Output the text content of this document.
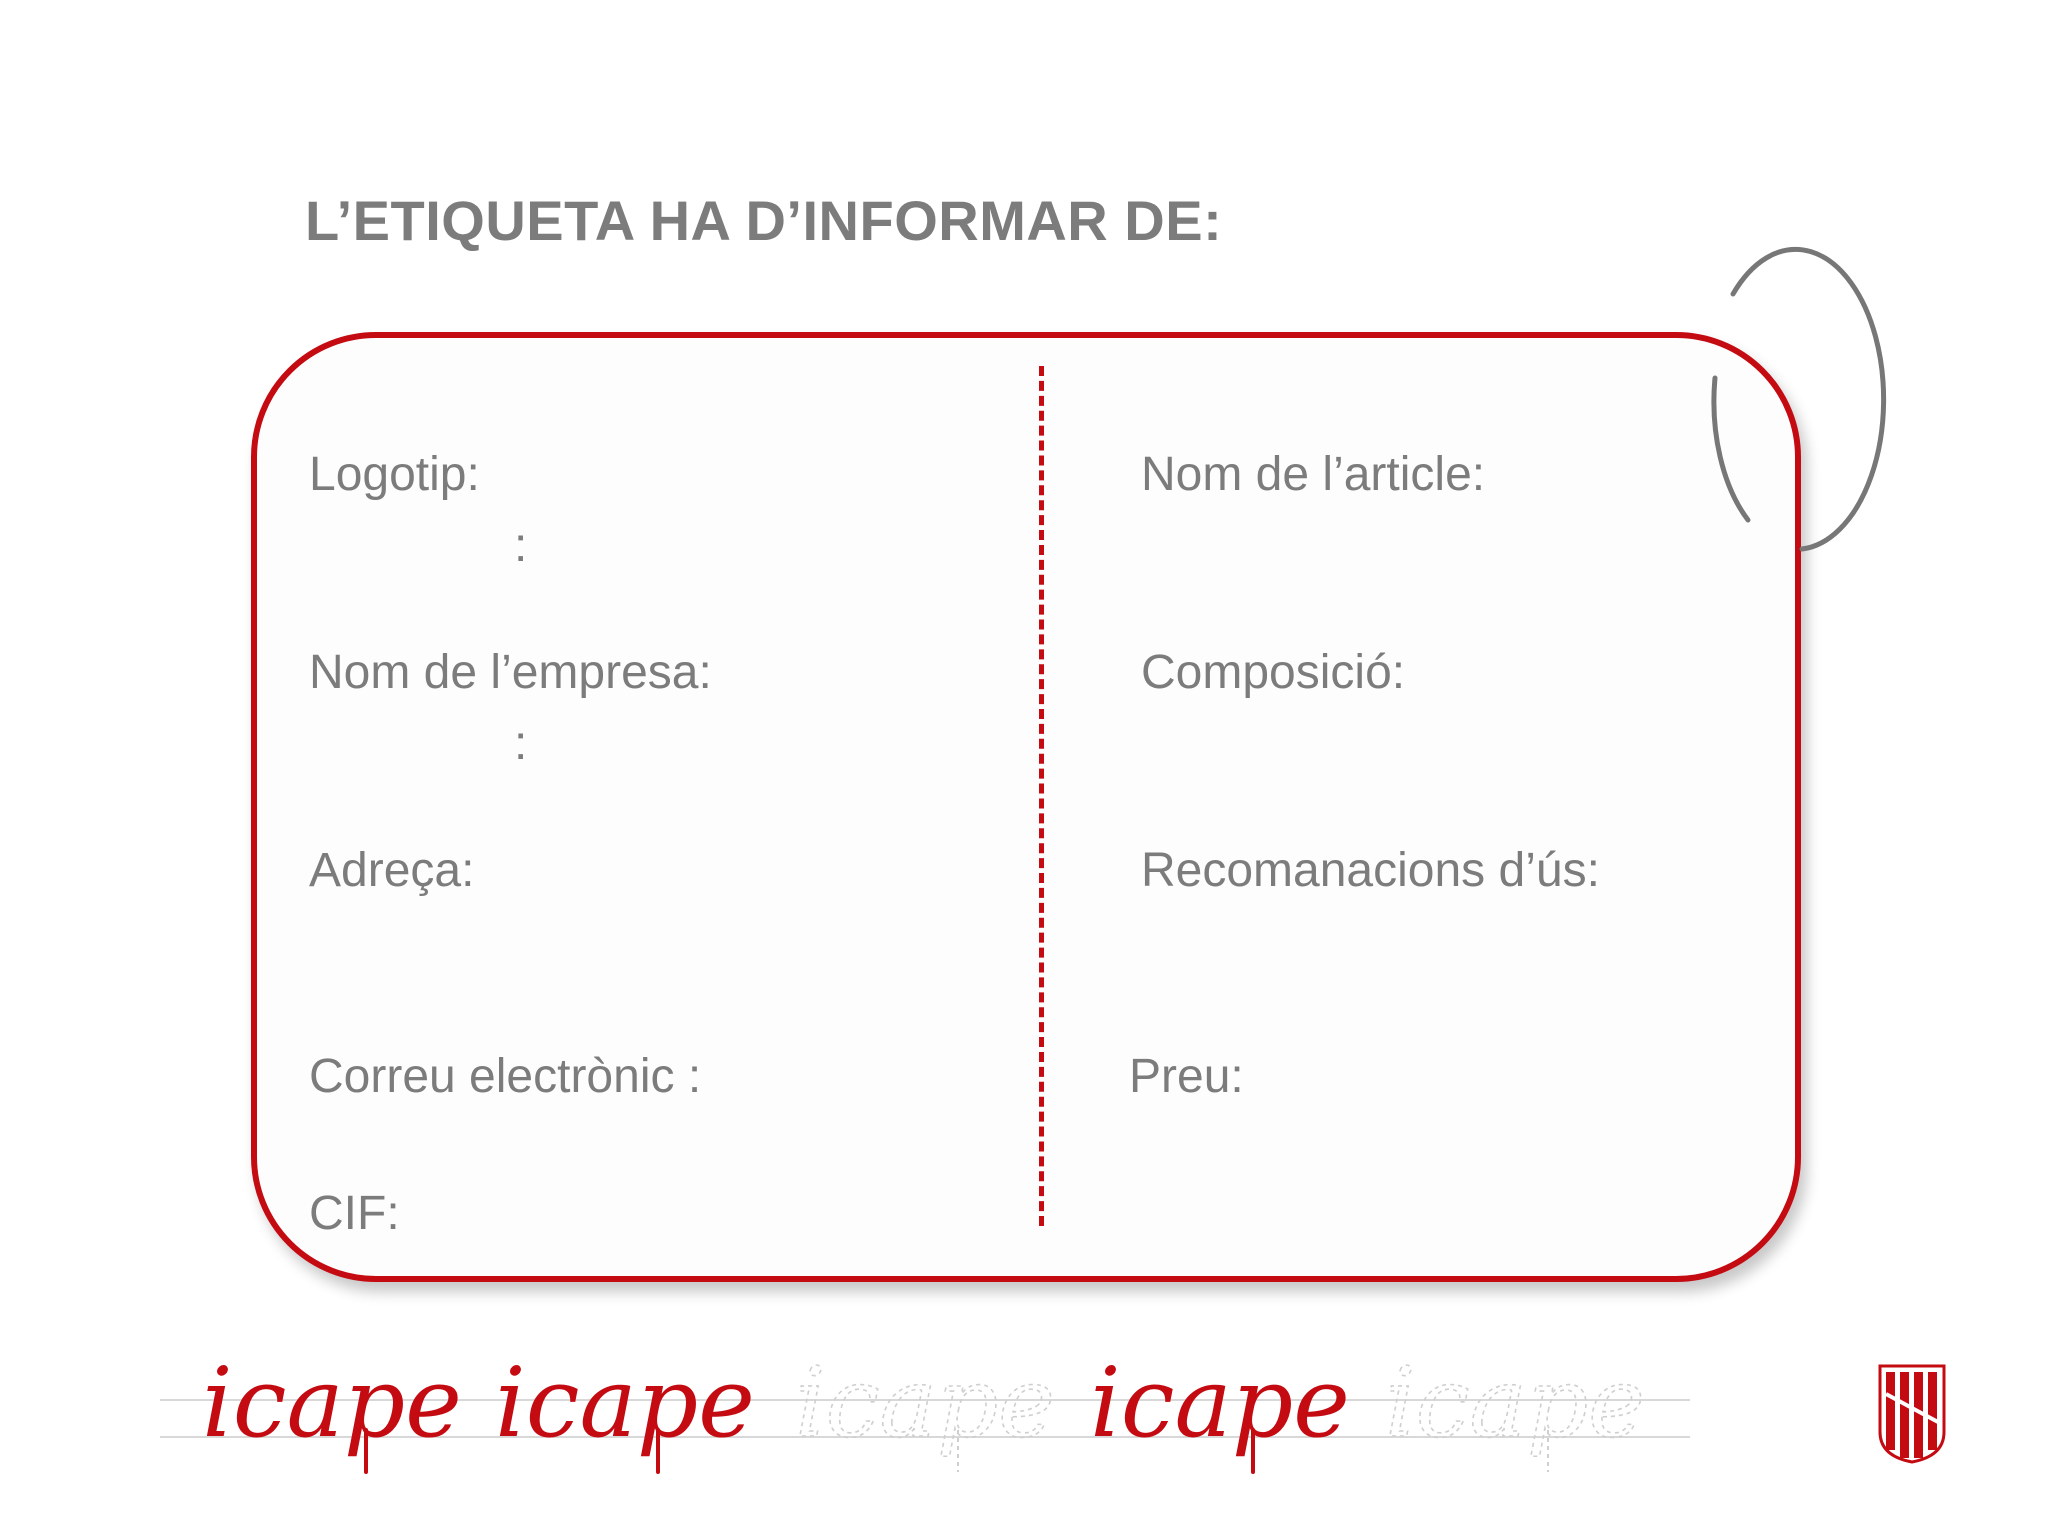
L’ETIQUETA HA D’INFORMAR DE:
Logotip:
:
Nom de l’empresa:
:
Adreça:
Correu electrònic :
CIF:
Nom de l’article:
Composició:
Recomanacions d’ús:
Preu:
icape icape	icape
icape	icape
